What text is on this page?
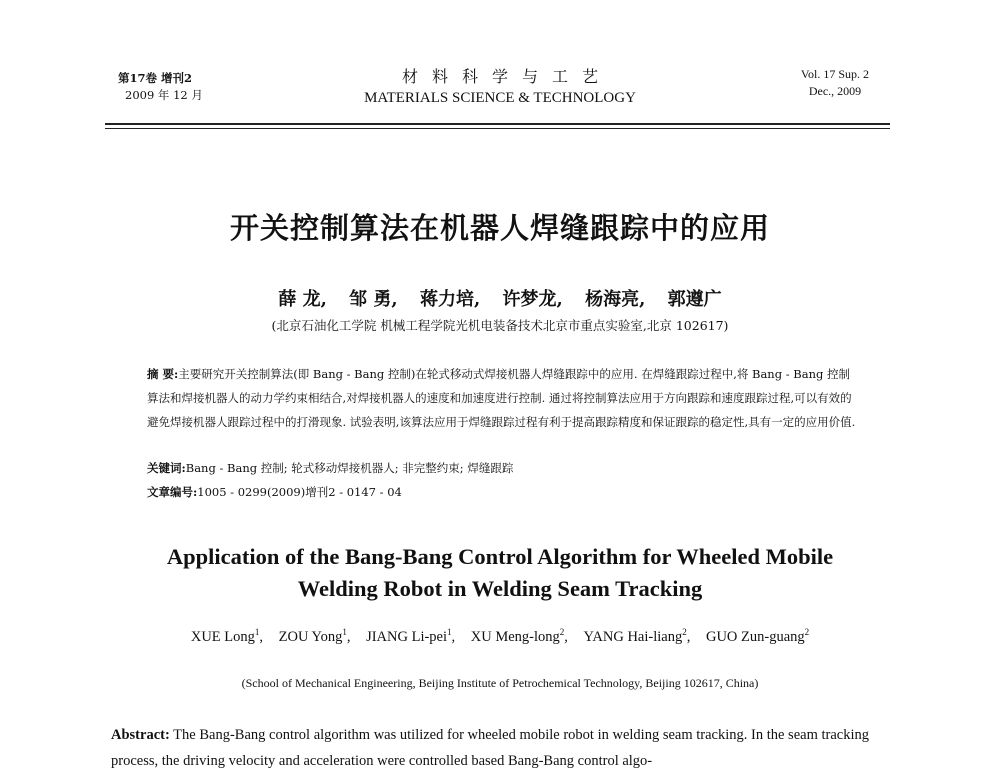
第17卷 增刊2
2009 年 12 月
材料科学与工艺
MATERIALS SCIENCE & TECHNOLOGY
Vol. 17 Sup. 2
Dec., 2009
开关控制算法在机器人焊缝跟踪中的应用
薛 龙, 邹 勇, 蒋力培, 许梦龙, 杨海亮, 郭遵广
(北京石油化工学院 机械工程学院光机电装备技术北京市重点实验室,北京 102617)
摘 要:主要研究开关控制算法(即 Bang - Bang 控制)在轮式移动式焊接机器人焊缝跟踪中的应用. 在焊缝跟踪过程中,将 Bang - Bang 控制算法和焊接机器人的动力学约束相结合,对焊接机器人的速度和加速度进行控制. 通过将控制算法应用于方向跟踪和速度跟踪过程,可以有效的避免焊接机器人跟踪过程中的打滑现象. 试验表明,该算法应用于焊缝跟踪过程有利于提高跟踪精度和保证跟踪的稳定性,具有一定的应用价值.
关键词:Bang - Bang 控制; 轮式移动焊接机器人; 非完整约束; 焊缝跟踪
文章编号:1005 - 0299(2009)增刊2 - 0147 - 04
Application of the Bang-Bang Control Algorithm for Wheeled Mobile
Welding Robot in Welding Seam Tracking
XUE Long$^1$, ZOU Yong$^1$, JIANG Li-pei$^1$, XU Meng-long$^2$, YANG Hai-liang$^2$, GUO Zun-guang$^2$
(School of Mechanical Engineering, Beijing Institute of Petrochemical Technology, Beijing 102617, China)
Abstract: The Bang-Bang control algorithm was utilized for wheeled mobile robot in welding seam tracking. In the seam tracking process, the driving velocity and acceleration were controlled based Bang-Bang control algo-
